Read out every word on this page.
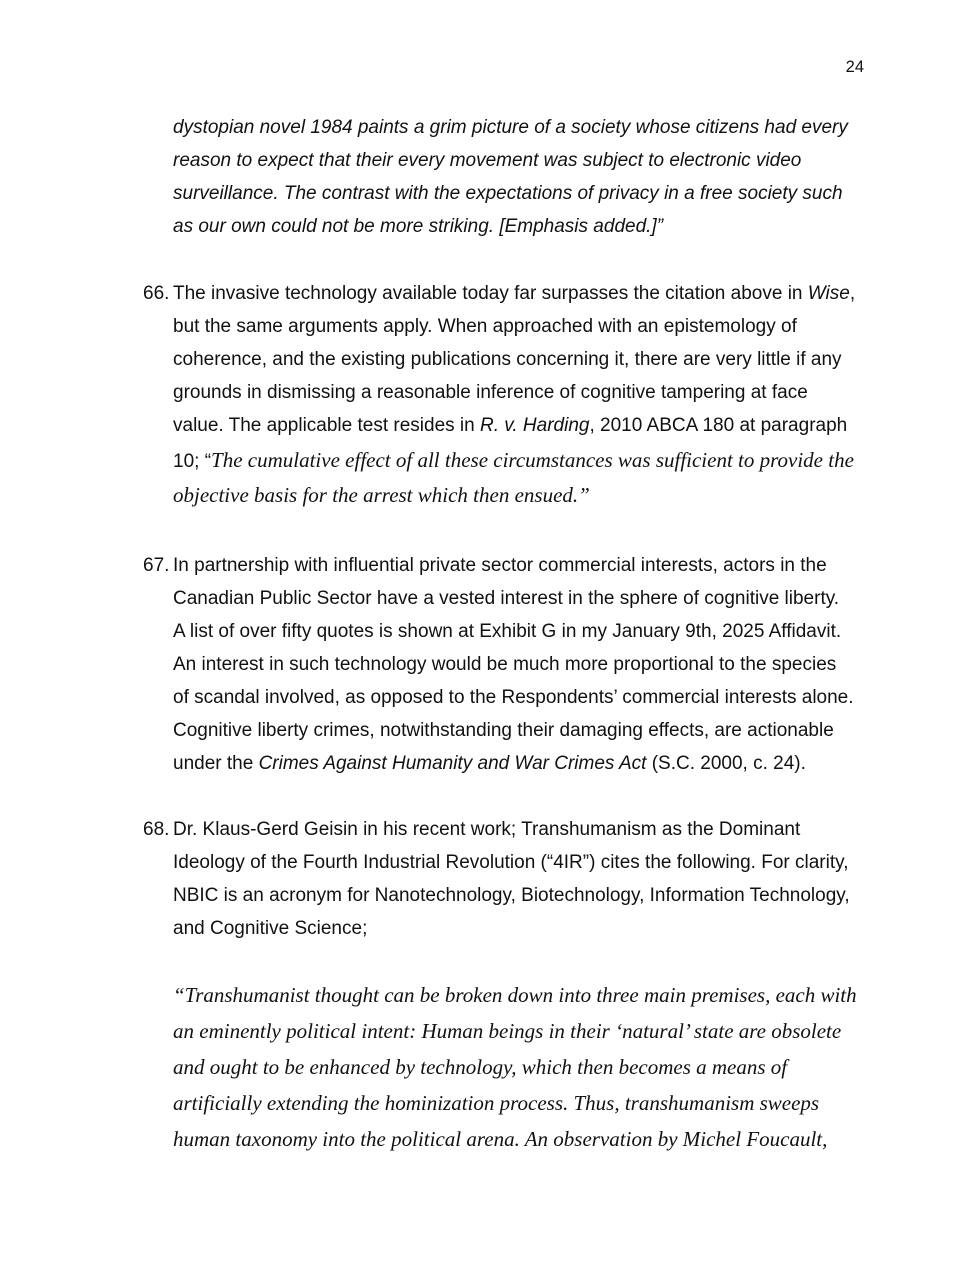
24
dystopian novel 1984 paints a grim picture of a society whose citizens had every
reason to expect that their every movement was subject to electronic video
surveillance. The contrast with the expectations of privacy in a free society such
as our own could not be more striking. [Emphasis added.]”
66. The invasive technology available today far surpasses the citation above in Wise,
but the same arguments apply. When approached with an epistemology of
coherence, and the existing publications concerning it, there are very little if any
grounds in dismissing a reasonable inference of cognitive tampering at face
value. The applicable test resides in R. v. Harding, 2010 ABCA 180 at paragraph
10; “The cumulative effect of all these circumstances was sufficient to provide the
objective basis for the arrest which then ensued.”
67. In partnership with influential private sector commercial interests, actors in the
Canadian Public Sector have a vested interest in the sphere of cognitive liberty.
A list of over fifty quotes is shown at Exhibit G in my January 9th, 2025 Affidavit.
An interest in such technology would be much more proportional to the species
of scandal involved, as opposed to the Respondents’ commercial interests alone.
Cognitive liberty crimes, notwithstanding their damaging effects, are actionable
under the Crimes Against Humanity and War Crimes Act (S.C. 2000, c. 24).
68. Dr. Klaus-Gerd Geisin in his recent work; Transhumanism as the Dominant
Ideology of the Fourth Industrial Revolution (“4IR”) cites the following. For clarity,
NBIC is an acronym for Nanotechnology, Biotechnology, Information Technology,
and Cognitive Science;
“Transhumanist thought can be broken down into three main premises, each with
an eminently political intent: Human beings in their ‘natural’ state are obsolete
and ought to be enhanced by technology, which then becomes a means of
artificially extending the hominization process. Thus, transhumanism sweeps
human taxonomy into the political arena. An observation by Michel Foucault,
